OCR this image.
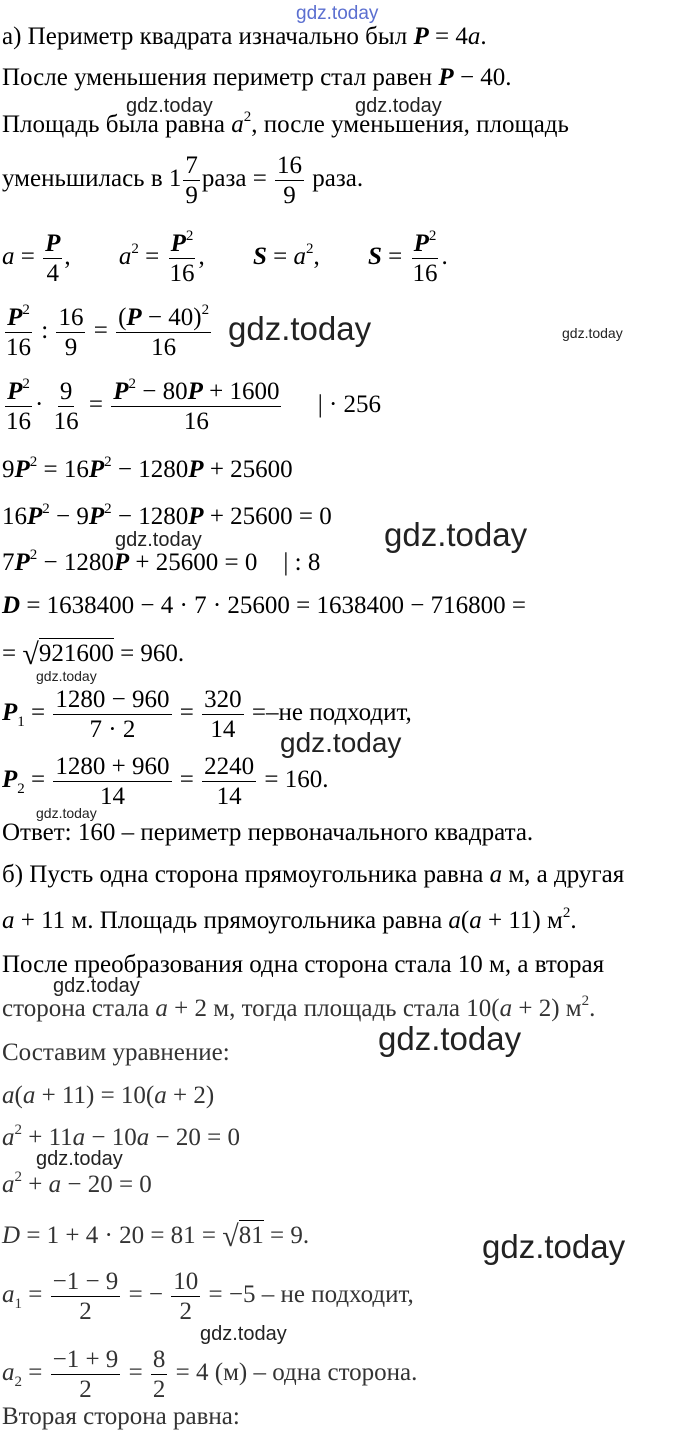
gdz.today
gdz.today	gdz.today
gdz.today	gdz.today
gdz.today
gdz.today
gdz.today
gdz.today
gdz.today
gdz.today
gdz.today
gdz.today
gdz.today
gdz.today
а) Периметр квадрата изначально был P = 4a.
После уменьшения периметр стал равен P − 40.
Площадь была равна $a^2$, после уменьшения, площадь
уменьшилась в $1 \frac{7}{9}$ раза = $\frac{16}{9}$ раза.
$a = \frac{P}{4}$ , $a^2 = \frac{P^2}{16}$ , $S = a^2$, $S = \frac{P^2}{16}$ .
$\frac{P^2}{16}$ : $\frac{16}{9} = \frac{(P - 40)^2}{16}$
$\frac{P^2}{16} \cdot \frac{9}{16} = \frac{P^2 - 80P + 1600}{16}$ | · 256
$9P^2 = 16P^2 - 1280P + 25600$
$16P^2 - 9P^2 - 1280P + 25600 = 0$
$7P^2 - 1280P + 25600 = 0$ | : 8
D = 1638400 − 4 · 7 · 25600 = 1638400 − 716800 =
= √921600 = 960.
$P_1 = \frac{1280 - 960}{7 \cdot 2} = \frac{320}{14} =-не$ подходит,
$P_2 = \frac{1280 + 960}{14} = \frac{2240}{14} = 160$.
Ответ: 160 – периметр первоначального квадрата.
б) Пусть одна сторона прямоугольника равна a м, а другая
a + 11 м. Площадь прямоугольника равна a(a + 11) $м^2$.
После преобразования одна сторона стала 10 м, а вторая
сторона стала a + 2 м, тогда площадь стала 10(a + 2) $м^2$.
Составим уравнение:
a(a + 11) = 10(a + 2)
$a^2 + 11a - 10a - 20 = 0$
$a^2 + a - 20 = 0$
D = 1 + 4 · 20 = 81 = √81 = 9.
$a_1 = \frac{-1 - 9}{2}$ = − $\frac{10}{2} = -5$ – не подходит,
$a_2 = \frac{-1 + 9}{2} = \frac{8}{2} = 4$ (м) – одна сторона.
Вторая сторона равна:
